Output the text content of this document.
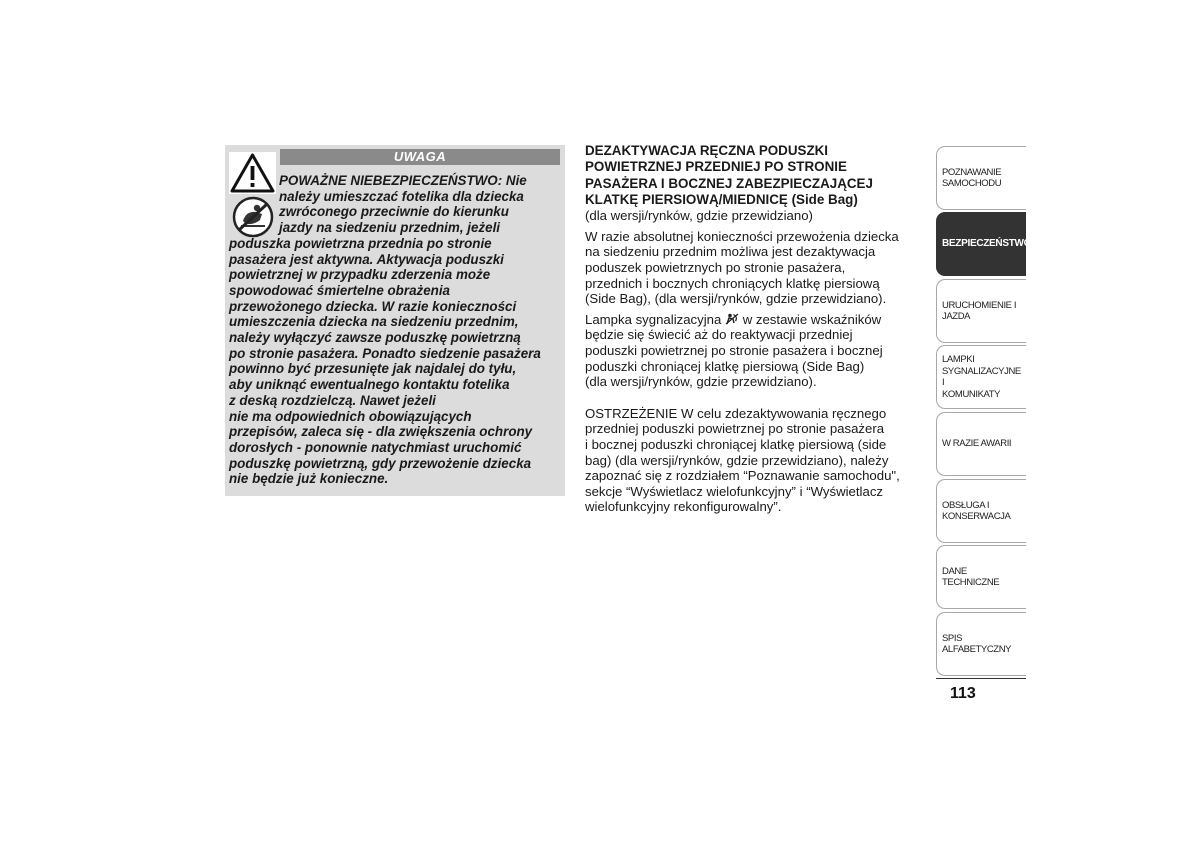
UWAGA
POWAŻNE NIEBEZPIECZEŃSTWO: Nie
należy umieszczać fotelika dla dziecka
zwróconego przeciwnie do kierunku
jazdy na siedzeniu przednim, jeżeli
poduszka powietrzna przednia po stronie
pasażera jest aktywna. Aktywacja poduszki
powietrznej w przypadku zderzenia może
spowodować śmiertelne obrażenia
przewożonego dziecka. W razie konieczności
umieszczenia dziecka na siedzeniu przednim,
należy wyłączyć zawsze poduszkę powietrzną
po stronie pasażera. Ponadto siedzenie pasażera
powinno być przesunięte jak najdalej do tyłu,
aby uniknąć ewentualnego kontaktu fotelika
z deską rozdzielczą. Nawet jeżeli
nie ma odpowiednich obowiązujących
przepisów, zaleca się - dla zwiększenia ochrony
dorosłych - ponownie natychmiast uruchomić
poduszkę powietrzną, gdy przewożenie dziecka
nie będzie już konieczne.
DEZAKTYWACJA RĘCZNA PODUSZKI
POWIETRZNEJ PRZEDNIEJ PO STRONIE
PASAŻERA I BOCZNEJ ZABEZPIECZAJĄCEJ
KLATKĘ PIERSIOWĄ/MIEDNICĘ (Side Bag)
(dla wersji/rynków, gdzie przewidziano)
W razie absolutnej konieczności przewożenia dziecka
na siedzeniu przednim możliwa jest dezaktywacja
poduszek powietrznych po stronie pasażera,
przednich i bocznych chroniących klatkę piersiową
(Side Bag), (dla wersji/rynków, gdzie przewidziano).
Lampka sygnalizacyjna  w zestawie wskaźników
będzie się świecić aż do reaktywacji przedniej
poduszki powietrznej po stronie pasażera i bocznej
poduszki chroniącej klatkę piersiową (Side Bag)
(dla wersji/rynków, gdzie przewidziano).
OSTRZEŻENIE W celu zdezaktywowania ręcznego
przedniej poduszki powietrznej po stronie pasażera
i bocznej poduszki chroniącej klatkę piersiową (side
bag) (dla wersji/rynków, gdzie przewidziano), należy
zapoznać się z rozdziałem “Poznawanie samochodu",
sekcje “Wyświetlacz wielofunkcyjny” i “Wyświetlacz
wielofunkcyjny rekonfigurowalny”.
POZNAWANIE
SAMOCHODU
BEZPIECZEŃSTWO
URUCHOMIENIE I
JAZDA
LAMPKI
SYGNALIZACYJNE I
KOMUNIKATY
W RAZIE AWARII
OBSŁUGA I
KONSERWACJA
DANE TECHNICZNE
SPIS ALFABETYCZNY
113
